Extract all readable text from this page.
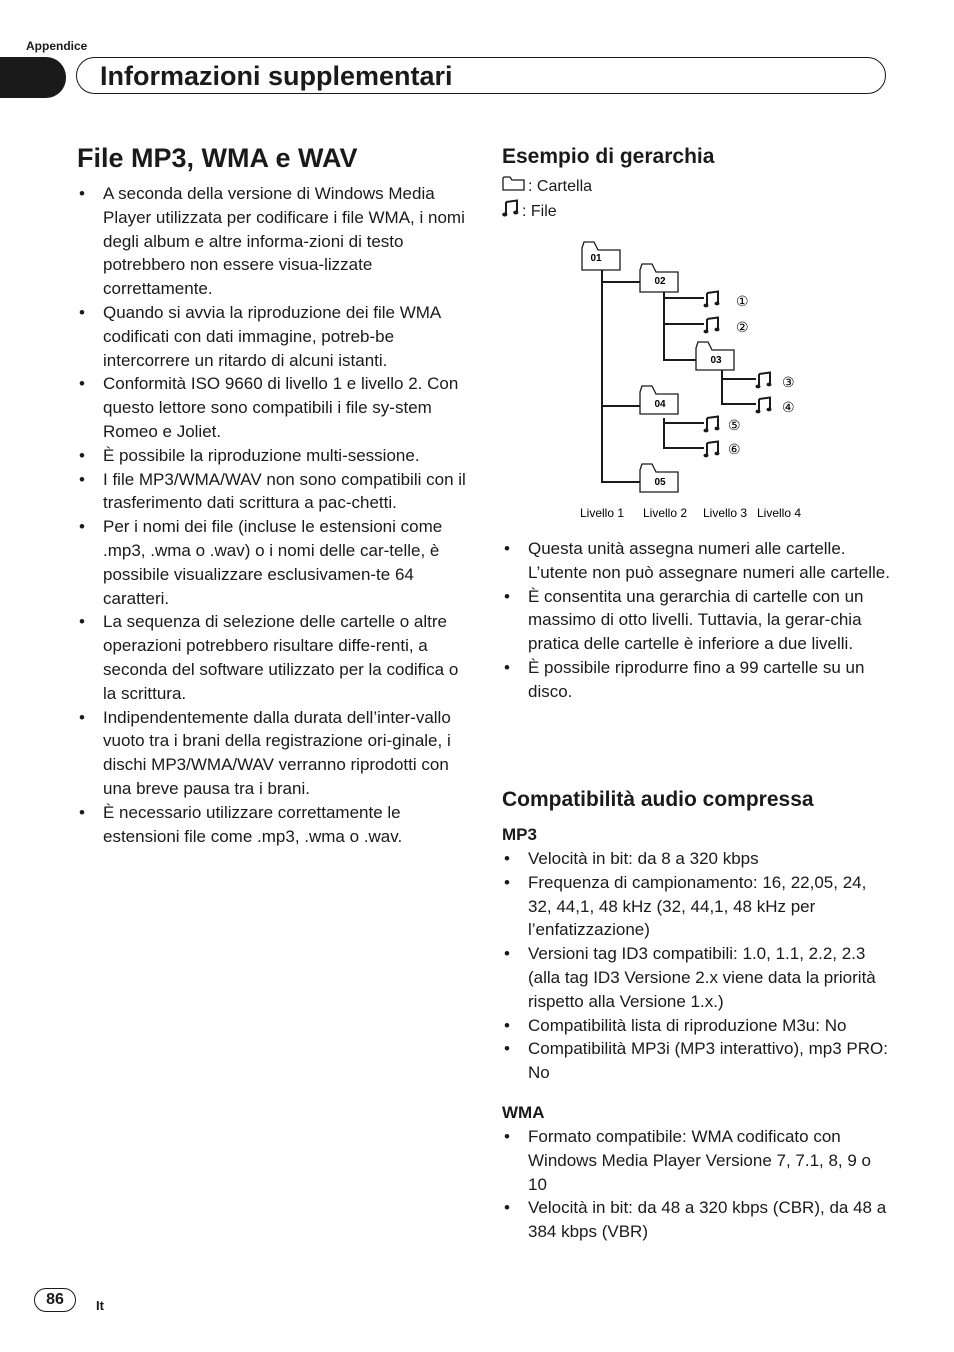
Appendice
Informazioni supplementari
File MP3, WMA e WAV
• A seconda della versione di Windows Media Player utilizzata per codificare i file WMA, i nomi degli album e altre informa-zioni di testo potrebbero non essere visua-lizzate correttamente.
• Quando si avvia la riproduzione dei file WMA codificati con dati immagine, potreb-be intercorrere un ritardo di alcuni istanti.
• Conformità ISO 9660 di livello 1 e livello 2. Con questo lettore sono compatibili i file sy-stem Romeo e Joliet.
• È possibile la riproduzione multi-sessione.
• I file MP3/WMA/WAV non sono compatibili con il trasferimento dati scrittura a pac-chetti.
• Per i nomi dei file (incluse le estensioni come .mp3, .wma o .wav) o i nomi delle car-telle, è possibile visualizzare esclusivamen-te 64 caratteri.
• La sequenza di selezione delle cartelle o altre operazioni potrebbero risultare diffe-renti, a seconda del software utilizzato per la codifica o la scrittura.
• Indipendentemente dalla durata dell’inter-vallo vuoto tra i brani della registrazione ori-ginale, i dischi MP3/WMA/WAV verranno riprodotti con una breve pausa tra i brani.
• È necessario utilizzare correttamente le estensioni file come .mp3, .wma o .wav.
Esempio di gerarchia
: Cartella
: File
01
02
03
04
05
①
②
③
④
⑤
⑥
Livello 1 Livello 2 Livello 3 Livello 4
• Questa unità assegna numeri alle cartelle. L’utente non può assegnare numeri alle cartelle.
• È consentita una gerarchia di cartelle con un massimo di otto livelli. Tuttavia, la gerar-chia pratica delle cartelle è inferiore a due livelli.
• È possibile riprodurre fino a 99 cartelle su un disco.
Compatibilità audio compressa
MP3
• Velocità in bit: da 8 a 320 kbps
• Frequenza di campionamento: 16, 22,05, 24, 32, 44,1, 48 kHz (32, 44,1, 48 kHz per l’enfatizzazione)
• Versioni tag ID3 compatibili: 1.0, 1.1, 2.2, 2.3 (alla tag ID3 Versione 2.x viene data la priorità rispetto alla Versione 1.x.)
• Compatibilità lista di riproduzione M3u: No
• Compatibilità MP3i (MP3 interattivo), mp3 PRO: No
WMA
• Formato compatibile: WMA codificato con Windows Media Player Versione 7, 7.1, 8, 9 o 10
• Velocità in bit: da 48 a 320 kbps (CBR), da 48 a 384 kbps (VBR)
86	It
